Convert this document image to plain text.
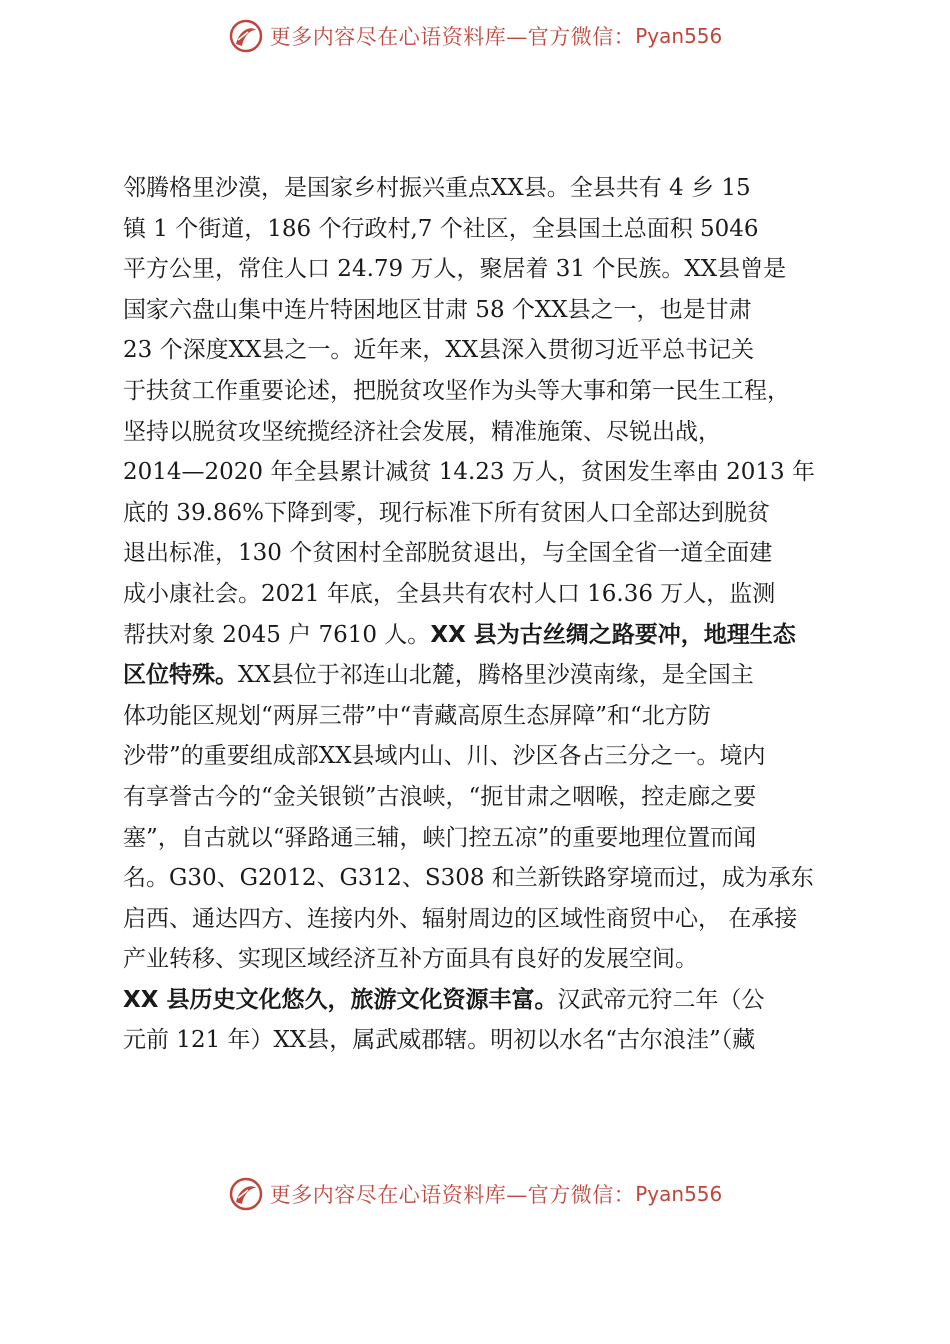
更多内容尽在心语资料库—官方微信： Pyan556
邻腾格里沙漠，是国家乡村振兴重点XX县。全县共有 4 乡 15
镇 1 个街道，186 个行政村,7 个社区，全县国土总面积 5046
平方公里，常住人口 24.79 万人，聚居着 31 个民族。XX县曾是
国家六盘山集中连片特困地区甘肃 58 个XX县之一，也是甘肃
23 个深度XX县之一。近年来，XX县深入贯彻习近平总书记关
于扶贫工作重要论述，把脱贫攻坚作为头等大事和第一民生工程，
坚持以脱贫攻坚统揽经济社会发展，精准施策、尽锐出战，
2014—2020 年全县累计减贫 14.23 万人，贫困发生率由 2013 年
底的 39.86%下降到零，现行标准下所有贫困人口全部达到脱贫
退出标准，130 个贫困村全部脱贫退出，与全国全省一道全面建
成小康社会。2021 年底，全县共有农村人口 16.36 万人，监测
帮扶对象 2045 户 7610 人。XX 县为古丝绸之路要冲，地理生态
区位特殊。XX县位于祁连山北麓，腾格里沙漠南缘，是全国主
体功能区规划“两屏三带”中“青藏高原生态屏障”和“北方防
沙带”的重要组成部XX县域内山、川、沙区各占三分之一。境内
有享誉古今的“金关银锁”古浪峡，“扼甘肃之咽喉，控走廊之要
塞”，自古就以“驿路通三辅，峡门控五凉”的重要地理位置而闻
名。G30、G2012、G312、S308 和兰新铁路穿境而过，成为承东
启西、通达四方、连接内外、辐射周边的区域性商贸中心， 在承接
产业转移、实现区域经济互补方面具有良好的发展空间。
XX 县历史文化悠久，旅游文化资源丰富。汉武帝元狩二年（公
元前 121 年）XX县，属武威郡辖。明初以水名“古尔浪洼”（藏
更多内容尽在心语资料库—官方微信： Pyan556
